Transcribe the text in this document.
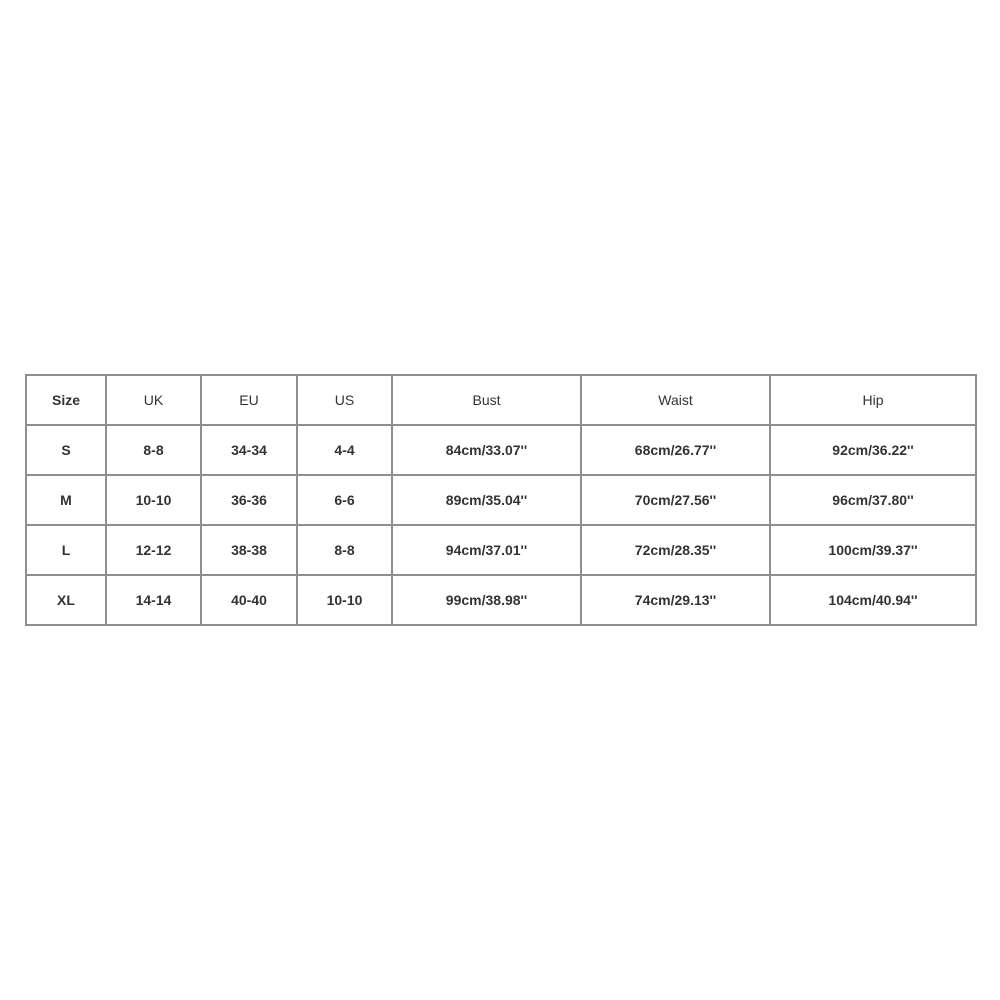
Size	UK	EU	US	Bust	Waist	Hip
S	8-8	34-34	4-4	84cm/33.07''	68cm/26.77''	92cm/36.22''
M	10-10	36-36	6-6	89cm/35.04''	70cm/27.56''	96cm/37.80''
L	12-12	38-38	8-8	94cm/37.01''	72cm/28.35''	100cm/39.37''
XL	14-14	40-40	10-10	99cm/38.98''	74cm/29.13''	104cm/40.94''
